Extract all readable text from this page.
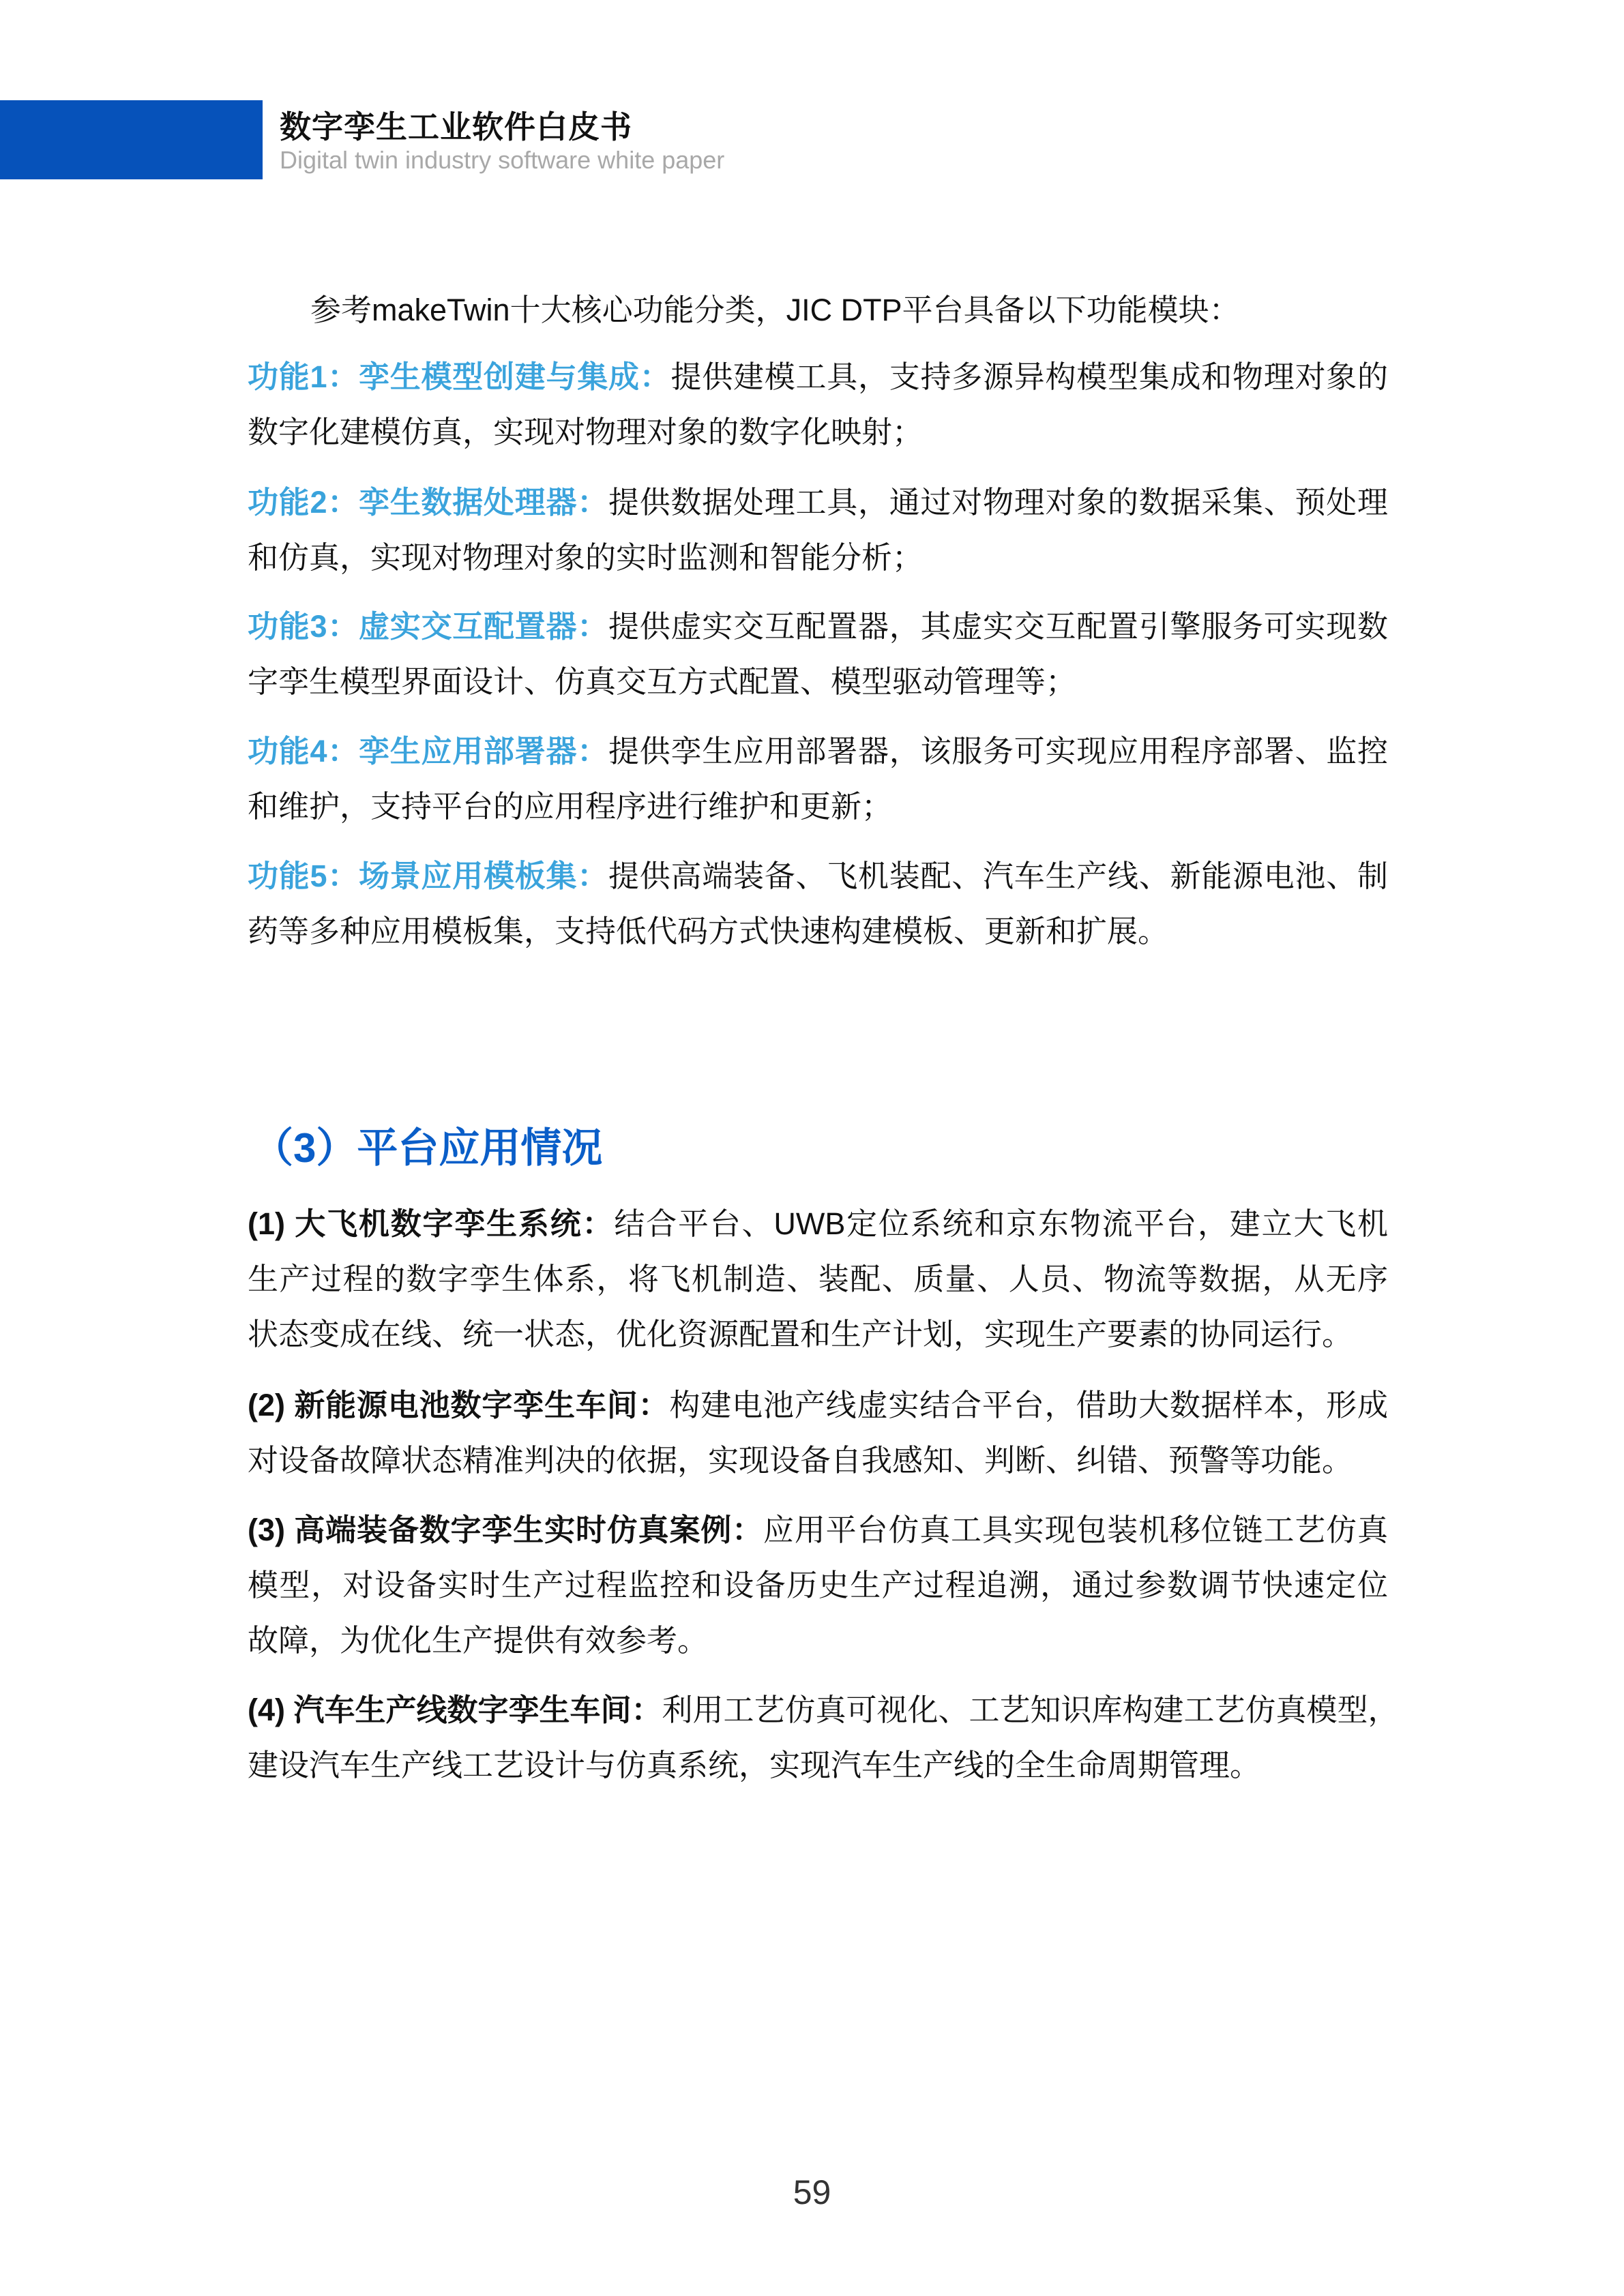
数字孪生工业软件白皮书
Digital twin industry software white paper
参考makeTwin十大核心功能分类，JIC DTP平台具备以下功能模块：
功能1：孪生模型创建与集成：提供建模工具，支持多源异构模型集成和物理对象的
数字化建模仿真，实现对物理对象的数字化映射；
功能2：孪生数据处理器：提供数据处理工具，通过对物理对象的数据采集、预处理
和仿真，实现对物理对象的实时监测和智能分析；
功能3：虚实交互配置器：提供虚实交互配置器，其虚实交互配置引擎服务可实现数
字孪生模型界面设计、仿真交互方式配置、模型驱动管理等；
功能4：孪生应用部署器：提供孪生应用部署器，该服务可实现应用程序部署、监控
和维护，支持平台的应用程序进行维护和更新；
功能5：场景应用模板集：提供高端装备、飞机装配、汽车生产线、新能源电池、制
药等多种应用模板集，支持低代码方式快速构建模板、更新和扩展。
（3）平台应用情况
(1) 大飞机数字孪生系统：结合平台、UWB定位系统和京东物流平台，建立大飞机
生产过程的数字孪生体系，将飞机制造、装配、质量、人员、物流等数据，从无序
状态变成在线、统一状态，优化资源配置和生产计划，实现生产要素的协同运行。
(2) 新能源电池数字孪生车间：构建电池产线虚实结合平台，借助大数据样本，形成
对设备故障状态精准判决的依据，实现设备自我感知、判断、纠错、预警等功能。
(3) 高端装备数字孪生实时仿真案例：应用平台仿真工具实现包装机移位链工艺仿真
模型，对设备实时生产过程监控和设备历史生产过程追溯，通过参数调节快速定位
故障，为优化生产提供有效参考。
(4) 汽车生产线数字孪生车间：利用工艺仿真可视化、工艺知识库构建工艺仿真模型，
建设汽车生产线工艺设计与仿真系统，实现汽车生产线的全生命周期管理。
59
